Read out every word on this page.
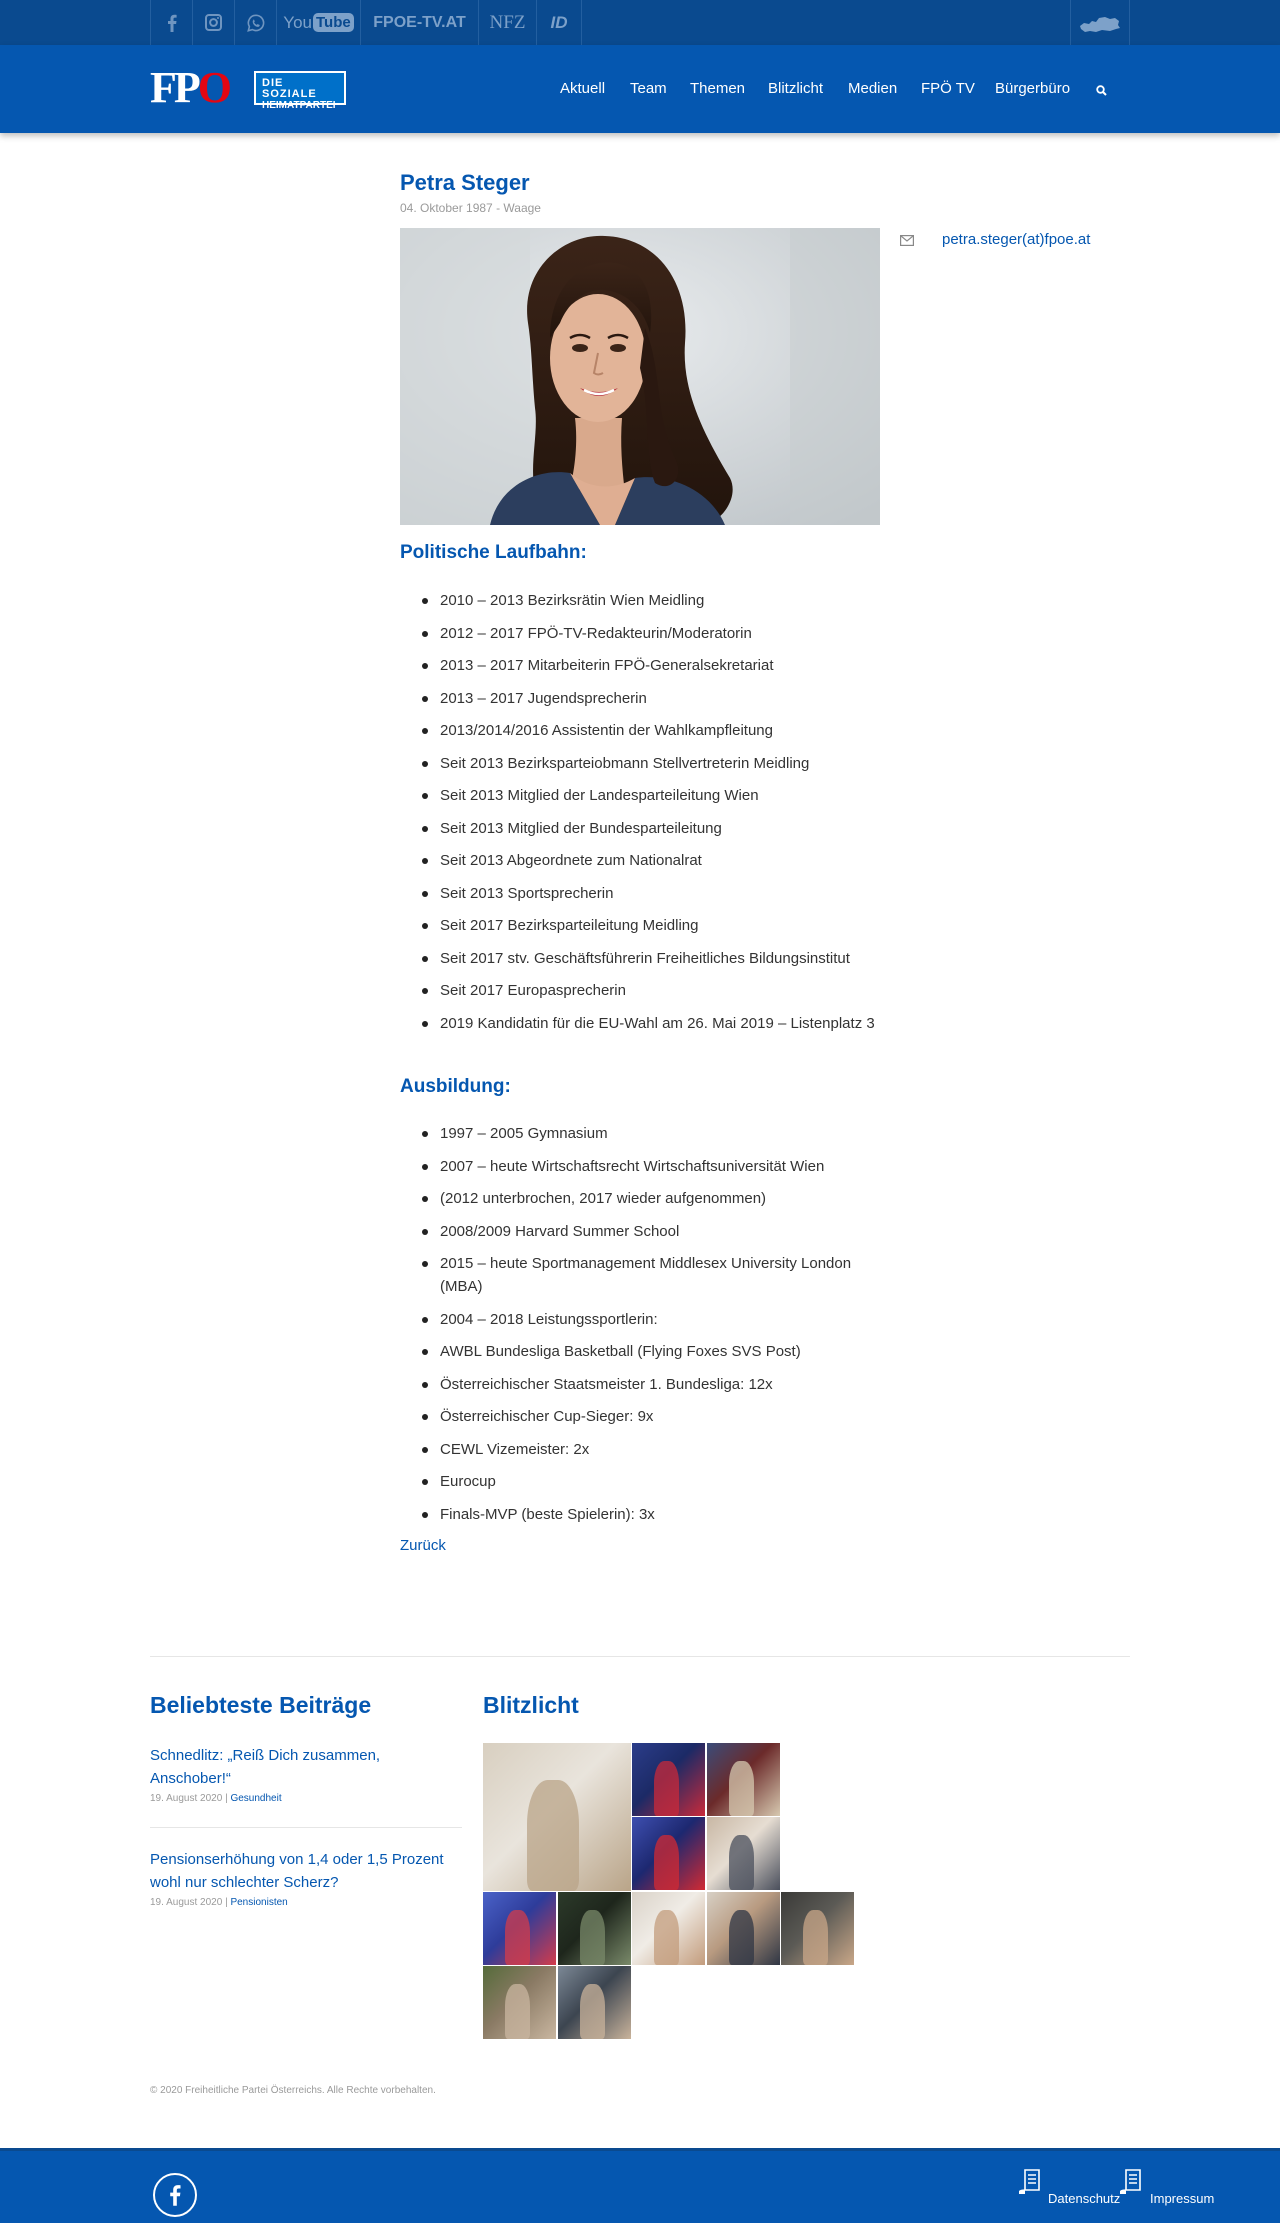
You Tube FPOE-TV.AT NFZ ID
FPO	DIE SOZIALE
HEIMATPARTEI
Aktuell Team Themen Blitzlicht Medien FPÖ TV Bürgerbüro
Petra Steger
04. Oktober 1987 - Waage
petra.steger(at)fpoe.at
Politische Laufbahn:
2010 – 2013 Bezirksrätin Wien Meidling
2012 – 2017 FPÖ-TV-Redakteurin/Moderatorin
2013 – 2017 Mitarbeiterin FPÖ-Generalsekretariat
2013 – 2017 Jugendsprecherin
2013/2014/2016 Assistentin der Wahlkampfleitung
Seit 2013 Bezirksparteiobmann Stellvertreterin Meidling
Seit 2013 Mitglied der Landesparteileitung Wien
Seit 2013 Mitglied der Bundesparteileitung
Seit 2013 Abgeordnete zum Nationalrat
Seit 2013 Sportsprecherin
Seit 2017 Bezirksparteileitung Meidling
Seit 2017 stv. Geschäftsführerin Freiheitliches Bildungsinstitut
Seit 2017 Europasprecherin
2019 Kandidatin für die EU-Wahl am 26. Mai 2019 – Listenplatz 3
Ausbildung:
1997 – 2005 Gymnasium
2007 – heute Wirtschaftsrecht Wirtschaftsuniversität Wien
(2012 unterbrochen, 2017 wieder aufgenommen)
2008/2009 Harvard Summer School
2015 – heute Sportmanagement Middlesex University London (MBA)
2004 – 2018 Leistungssportlerin:
AWBL Bundesliga Basketball (Flying Foxes SVS Post)
Österreichischer Staatsmeister 1. Bundesliga: 12x
Österreichischer Cup-Sieger: 9x
CEWL Vizemeister: 2x
Eurocup
Finals-MVP (beste Spielerin): 3x
Zurück
Beliebteste Beiträge
Schnedlitz: „Reiß Dich zusammen, Anschober!“
19. August 2020 | Gesundheit
Pensionserhöhung von 1,4 oder 1,5 Prozent wohl nur schlechter Scherz?
19. August 2020 | Pensionisten
Blitzlicht
© 2020 Freiheitliche Partei Österreichs. Alle Rechte vorbehalten.
Datenschutz Impressum
